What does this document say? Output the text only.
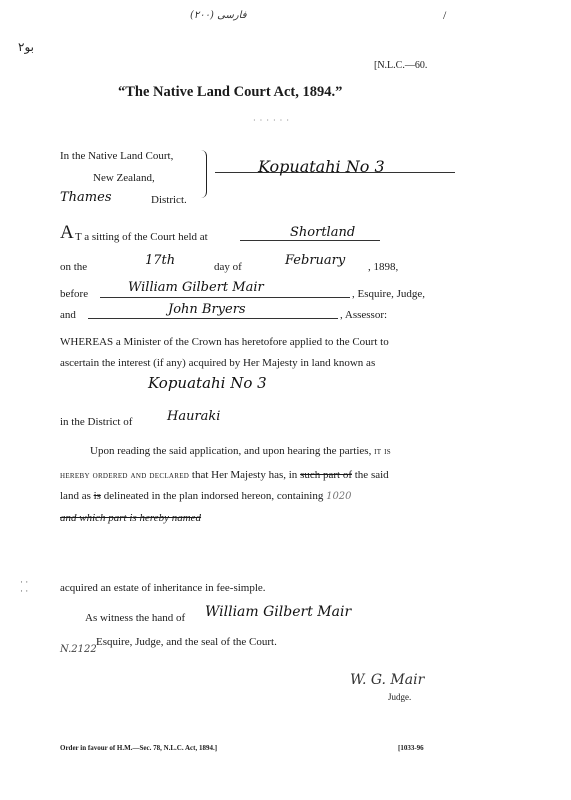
فارسی (٢٠٠)	/
بو۲
[N.L.C.—60.
“The Native Land Court Act, 1894.”
· · · · · ·
In the Native Land Court,
New Zealand,
Thames	District.
Kopuatahi No 3
A T a sitting of the Court held at	Shortland
on the	17th	day of	February , 1898,
before	William Gilbert Mair	, Esquire, Judge,
and	John Bryers	, Assessor:
WHEREAS a Minister of the Crown has heretofore applied to the Court to
ascertain the interest (if any) acquired by Her Majesty in land known as
Kopuatahi No 3
in the District of	Hauraki
Upon reading the said application, and upon hearing the parties, it is
hereby ordered and declared that Her Majesty has, in such part of the said
land as is delineated in the plan indorsed hereon, containing 1020
and which part is hereby named
· ·
· ·	acquired an estate of inheritance in fee-simple.
As witness the hand of William Gilbert Mair
Esquire, Judge, and the seal of the Court.
N.2122
W. G. Mair
Judge.
Order in favour of H.M.—Sec. 78, N.L.C. Act, 1894.]	[1033-96
